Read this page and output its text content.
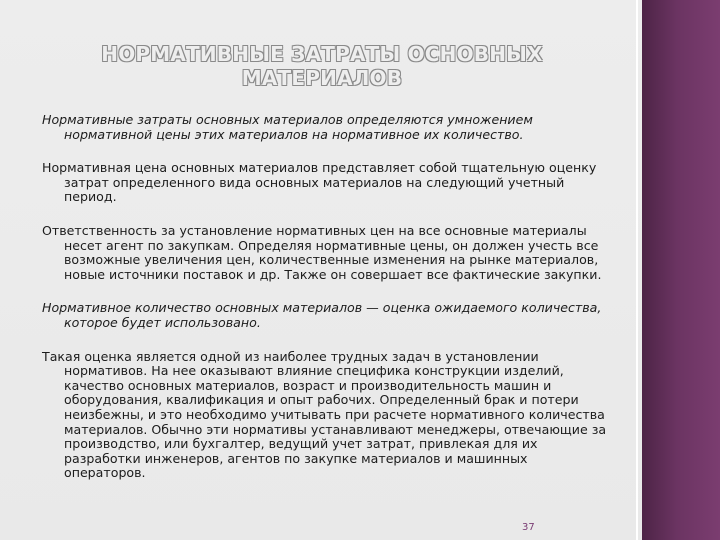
НОРМАТИВНЫЕ ЗАТРАТЫ ОСНОВНЫХ МАТЕРИАЛОВ

Нормативные затраты основных материалов определяются умножением нормативной цены этих материалов на нормативное их количество.

Нормативная цена основных материалов представляет собой тщательную оценку затрат определенного вида основных материалов на следующий учетный период.

Ответственность за установление нормативных цен на все основные материалы несет агент по закупкам. Определяя нормативные цены, он должен учесть все возможные увеличения цен, количественные изменения на рынке материалов, новые источники поставок и др. Также он совершает все фактические закупки.

Нормативное количество основных материалов — оценка ожидаемого количества, которое будет использовано.

Такая оценка является одной из наиболее трудных задач в установлении нормативов. На нее оказывают влияние специфика конструкции изделий, качество основных материалов, возраст и производительность машин и оборудования, квалификация и опыт рабочих. Определенный брак и потери неизбежны, и это необходимо учитывать при расчете нормативного количества материалов. Обычно эти нормативы устанавливают менеджеры, отвечающие за производство, или бухгалтер, ведущий учет затрат, привлекая для их разработки инженеров, агентов по закупке материалов и машинных операторов.

37
